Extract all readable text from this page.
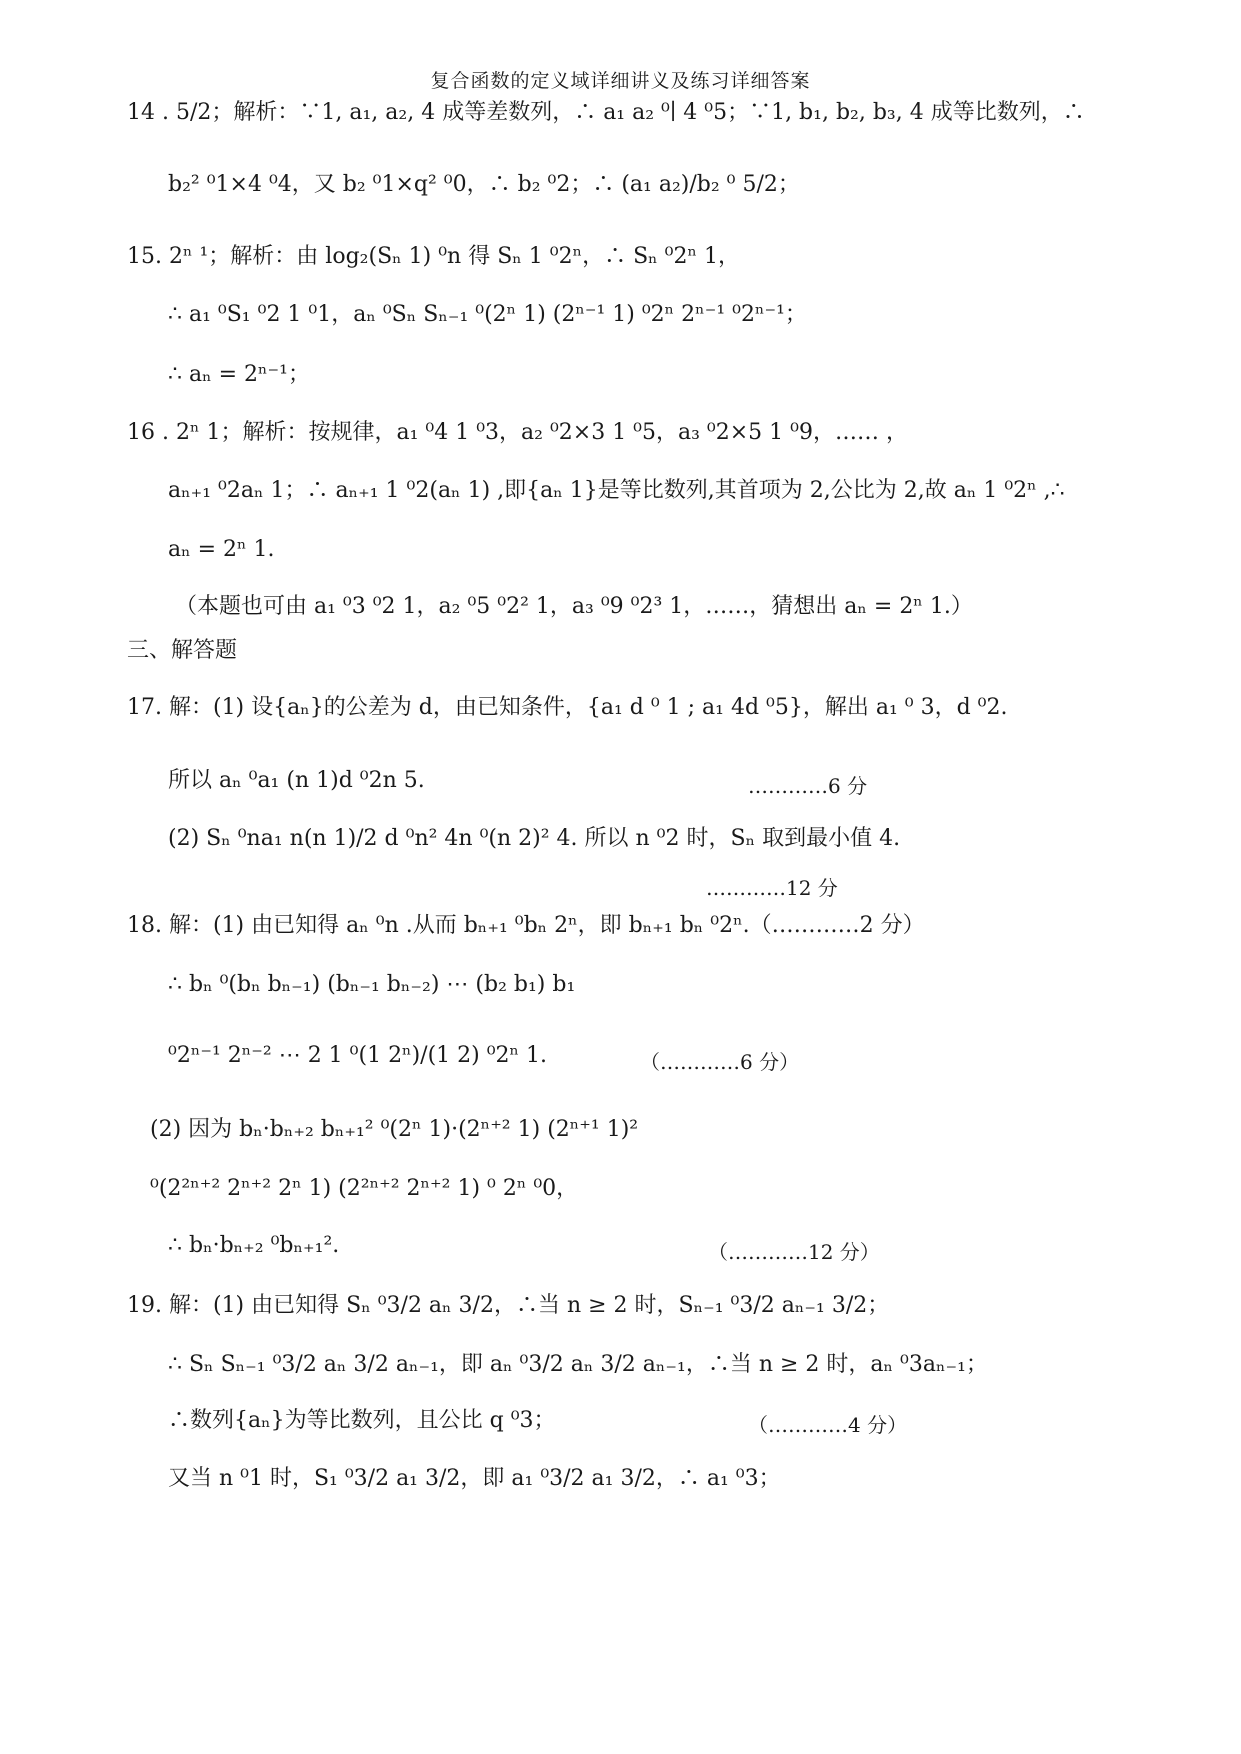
复合函数的定义域详细讲义及练习详细答案
14 . 5/2；解析：∵1, a₁, a₂, 4 成等差数列，∴ a₁ a₂ ⁰∣ 4 ⁰5；∵1, b₁, b₂, b₃, 4 成等比数列，∴
b₂² ⁰1×4 ⁰4，又 b₂ ⁰1×q² ⁰0，∴ b₂ ⁰2；∴ (a₁ a₂)/b₂ ⁰ 5/2；
15. 2ⁿ ¹；解析：由 log₂(Sₙ 1) ⁰n 得 Sₙ 1 ⁰2ⁿ，∴ Sₙ ⁰2ⁿ 1，
∴ a₁ ⁰S₁ ⁰2 1 ⁰1，aₙ ⁰Sₙ Sₙ₋₁ ⁰(2ⁿ 1) (2ⁿ⁻¹ 1) ⁰2ⁿ 2ⁿ⁻¹ ⁰2ⁿ⁻¹；
∴ aₙ = 2ⁿ⁻¹；
16 . 2ⁿ 1；解析：按规律，a₁ ⁰4 1 ⁰3，a₂ ⁰2×3 1 ⁰5，a₃ ⁰2×5 1 ⁰9，…… ，
aₙ₊₁ ⁰2aₙ 1；∴ aₙ₊₁ 1 ⁰2(aₙ 1) ,即{aₙ 1}是等比数列,其首项为 2,公比为 2,故 aₙ 1 ⁰2ⁿ ,∴
aₙ = 2ⁿ 1.
（本题也可由 a₁ ⁰3 ⁰2 1，a₂ ⁰5 ⁰2² 1，a₃ ⁰9 ⁰2³ 1，……，猜想出 aₙ = 2ⁿ 1.）
三、解答题
17. 解：(1) 设{aₙ}的公差为 d，由已知条件，{a₁ d ⁰ 1 ; a₁ 4d ⁰5}，解出 a₁ ⁰ 3，d ⁰2.
所以 aₙ ⁰a₁ (n 1)d ⁰2n 5.	…………6 分
(2) Sₙ ⁰na₁ n(n 1)/2 d ⁰n² 4n ⁰(n 2)² 4. 所以 n ⁰2 时，Sₙ 取到最小值 4.
…………12 分
18. 解：(1) 由已知得 aₙ ⁰n .从而 bₙ₊₁ ⁰bₙ 2ⁿ，即 bₙ₊₁ bₙ ⁰2ⁿ.（…………2 分）
∴ bₙ ⁰(bₙ bₙ₋₁) (bₙ₋₁ bₙ₋₂) ⋯ (b₂ b₁) b₁
⁰2ⁿ⁻¹ 2ⁿ⁻² ⋯ 2 1 ⁰(1 2ⁿ)/(1 2) ⁰2ⁿ 1.	（…………6 分）
(2) 因为 bₙ·bₙ₊₂ bₙ₊₁² ⁰(2ⁿ 1)·(2ⁿ⁺² 1) (2ⁿ⁺¹ 1)²
⁰(2²ⁿ⁺² 2ⁿ⁺² 2ⁿ 1) (2²ⁿ⁺² 2ⁿ⁺² 1) ⁰ 2ⁿ ⁰0，
∴ bₙ·bₙ₊₂ ⁰bₙ₊₁².	（…………12 分）
19. 解：(1) 由已知得 Sₙ ⁰3/2 aₙ 3/2，∴当 n ≥ 2 时，Sₙ₋₁ ⁰3/2 aₙ₋₁ 3/2；
∴ Sₙ Sₙ₋₁ ⁰3/2 aₙ 3/2 aₙ₋₁，即 aₙ ⁰3/2 aₙ 3/2 aₙ₋₁，∴当 n ≥ 2 时，aₙ ⁰3aₙ₋₁；
∴数列{aₙ}为等比数列，且公比 q ⁰3；	（…………4 分）
又当 n ⁰1 时，S₁ ⁰3/2 a₁ 3/2，即 a₁ ⁰3/2 a₁ 3/2，∴ a₁ ⁰3；
